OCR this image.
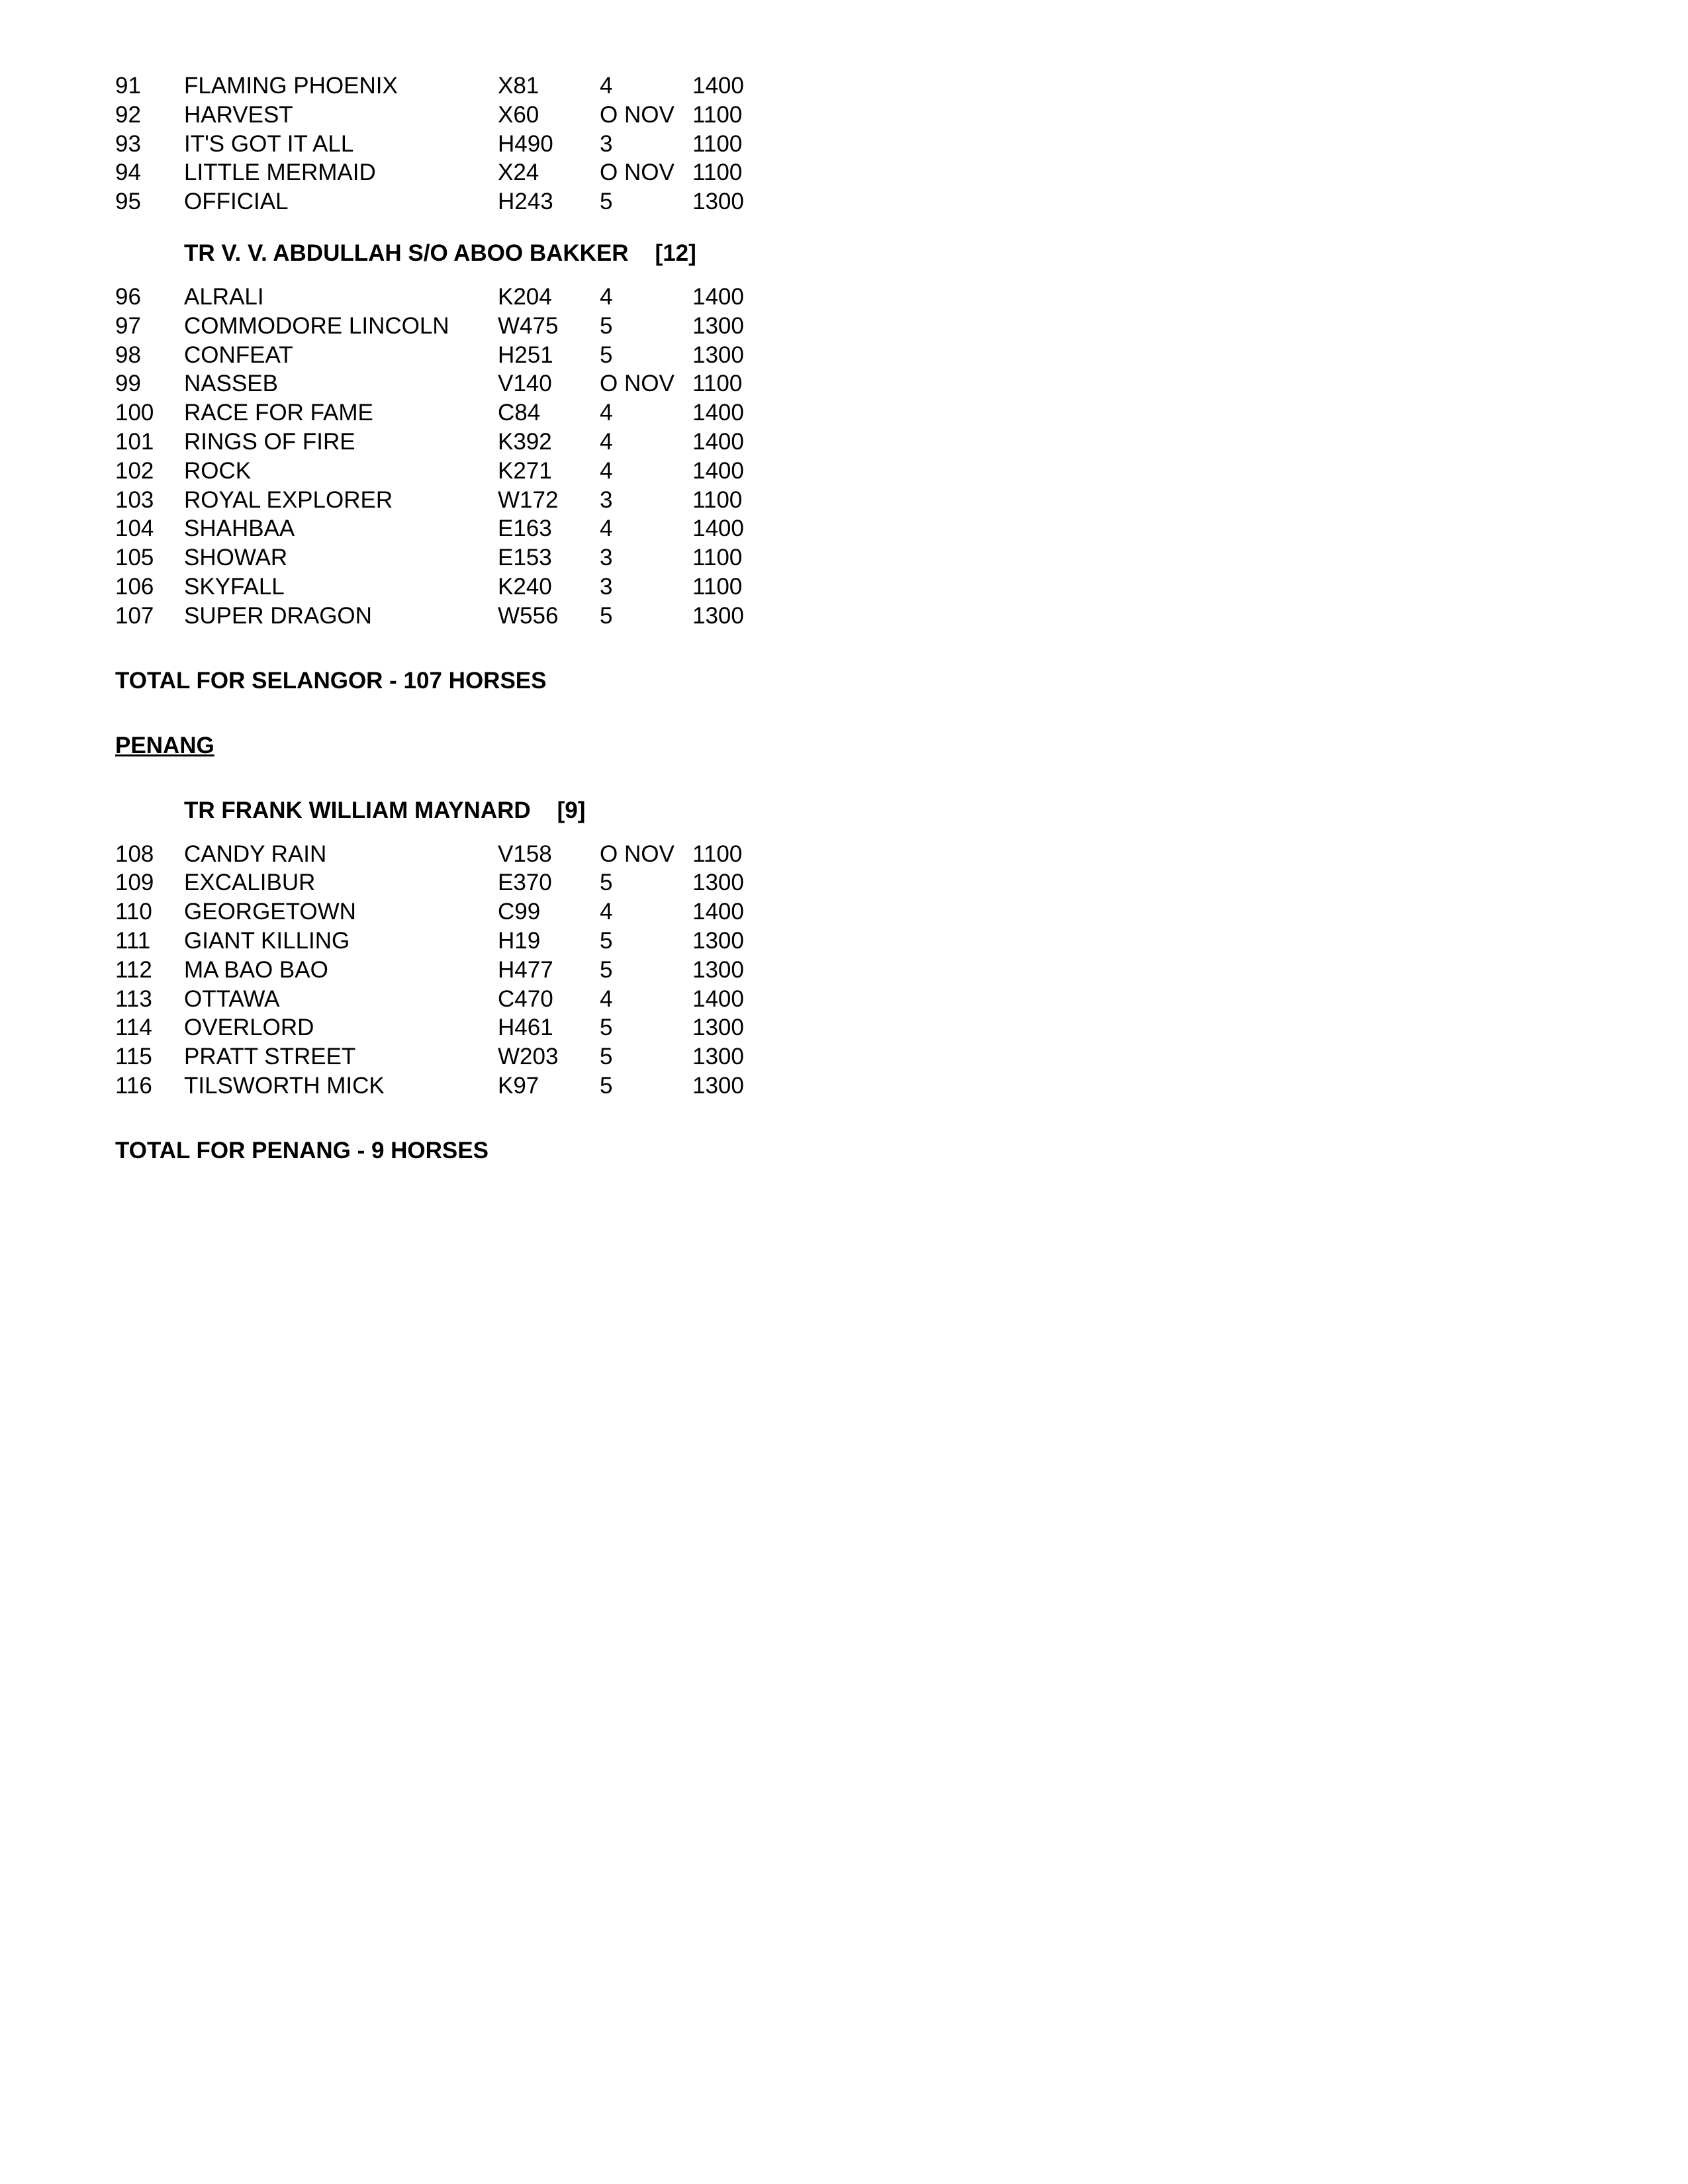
91 FLAMING PHOENIX	X81	4	1400
92 HARVEST	X60	O NOV 1100
93 IT'S GOT IT ALL	H490 3	1100
94 LITTLE MERMAID	X24	O NOV 1100
95 OFFICIAL	H243 5	1300
TR V. V. ABDULLAH S/O ABOO BAKKER [12]
96 ALRALI	K204 4	1400
97 COMMODORE LINCOLN W475 5	1300
98 CONFEAT	H251 5	1300
99 NASSEB	V140 O NOV 1100
100 RACE FOR FAME	C84	4	1400
101 RINGS OF FIRE	K392 4	1400
102 ROCK	K271 4	1400
103 ROYAL EXPLORER	W172 3	1100
104 SHAHBAA	E163 4	1400
105 SHOWAR	E153 3	1100
106 SKYFALL	K240 3	1100
107 SUPER DRAGON	W556 5	1300
TOTAL FOR SELANGOR - 107 HORSES
PENANG
TR FRANK WILLIAM MAYNARD [9]
108 CANDY RAIN	V158 O NOV 1100
109 EXCALIBUR	E370 5	1300
110 GEORGETOWN	C99	4	1400
111 GIANT KILLING	H19	5	1300
112 MA BAO BAO	H477 5	1300
113 OTTAWA	C470 4	1400
114 OVERLORD	H461 5	1300
115 PRATT STREET	W203 5	1300
116 TILSWORTH MICK	K97	5	1300
TOTAL FOR PENANG - 9 HORSES
